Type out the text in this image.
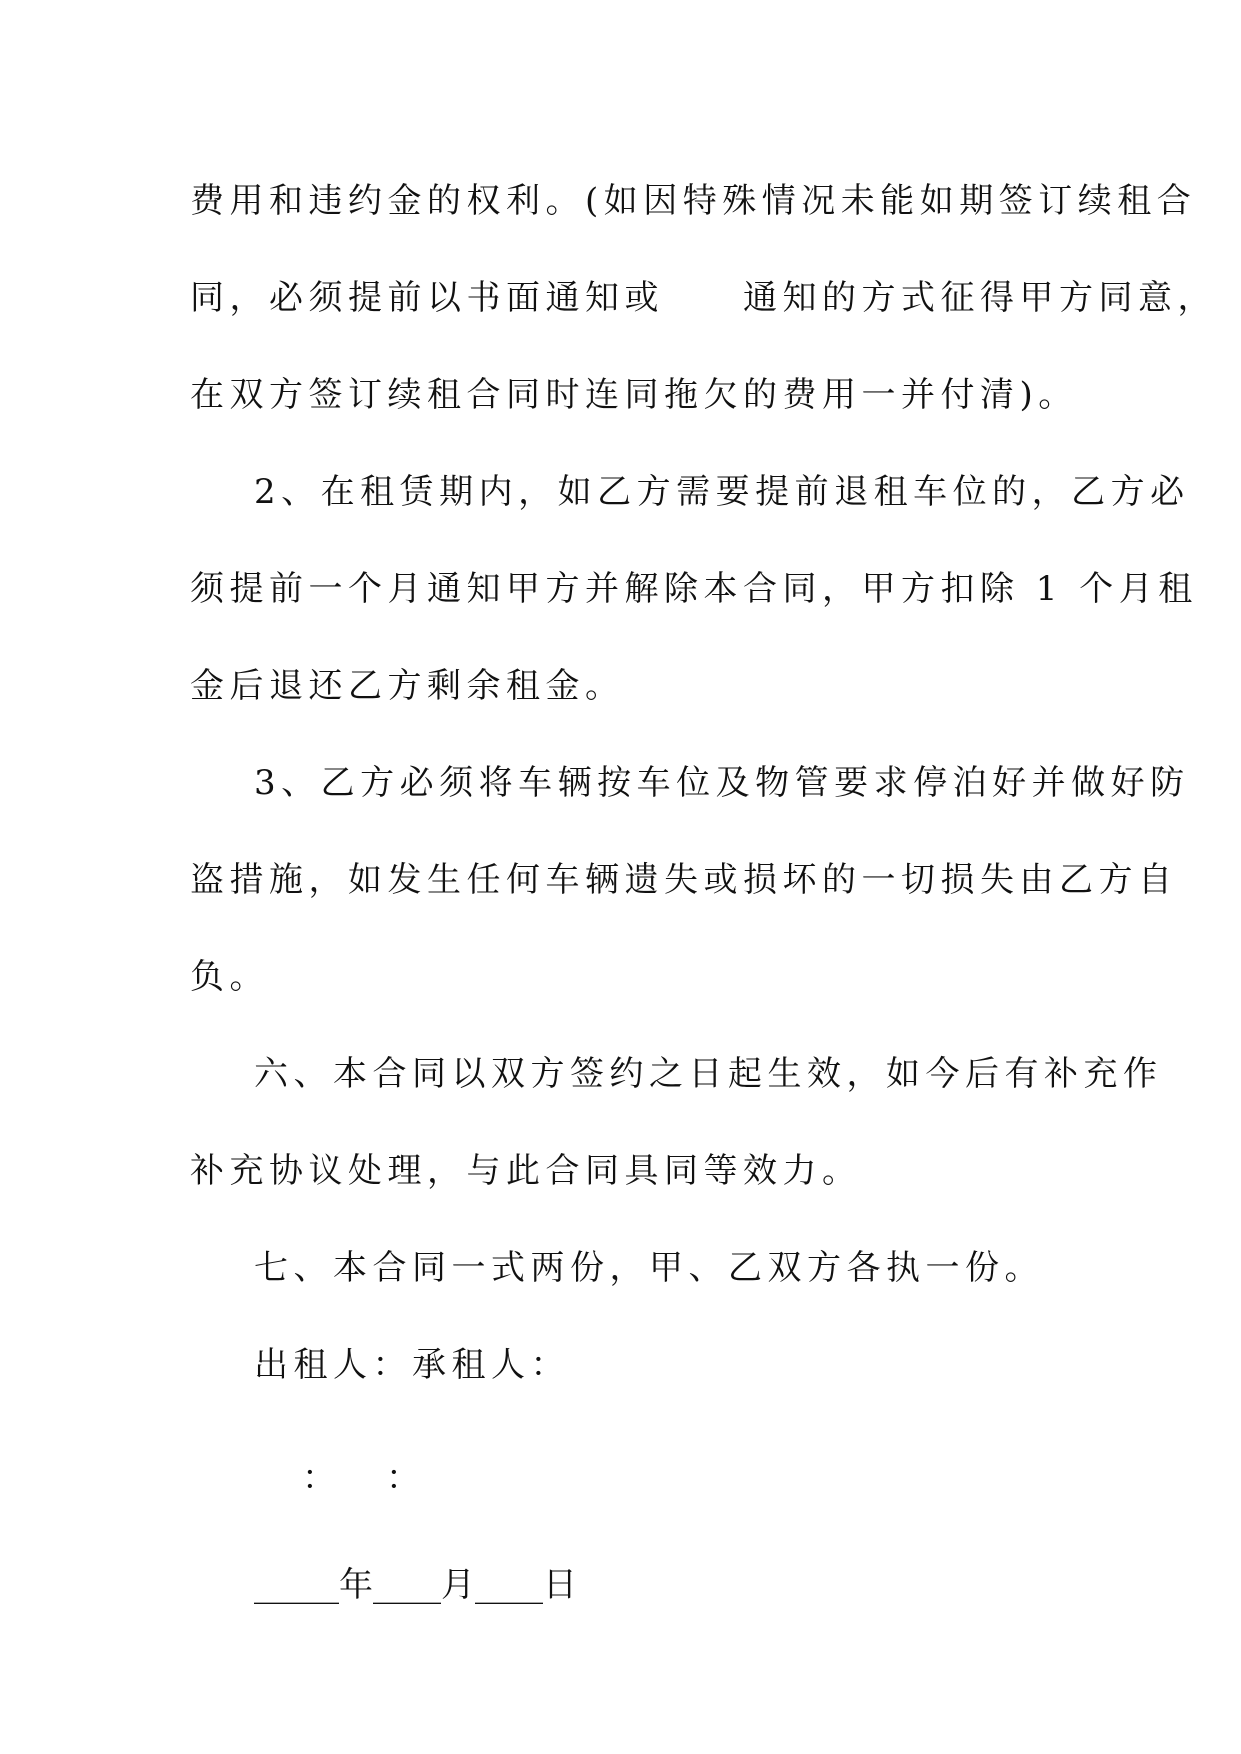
费用和违约金的权利。(如因特殊情况未能如期签订续租合

同，必须提前以书面通知或　　通知的方式征得甲方同意，

在双方签订续租合同时连同拖欠的费用一并付清)。

2、在租赁期内，如乙方需要提前退租车位的，乙方必

须提前一个月通知甲方并解除本合同，甲方扣除 1 个月租

金后退还乙方剩余租金。

3、乙方必须将车辆按车位及物管要求停泊好并做好防

盗措施，如发生任何车辆遗失或损坏的一切损失由乙方自

负。

六、本合同以双方签约之日起生效，如今后有补充作

补充协议处理，与此合同具同等效力。

七、本合同一式两份，甲、乙双方各执一份。

出租人：承租人：

： ：

_____年____月____日
